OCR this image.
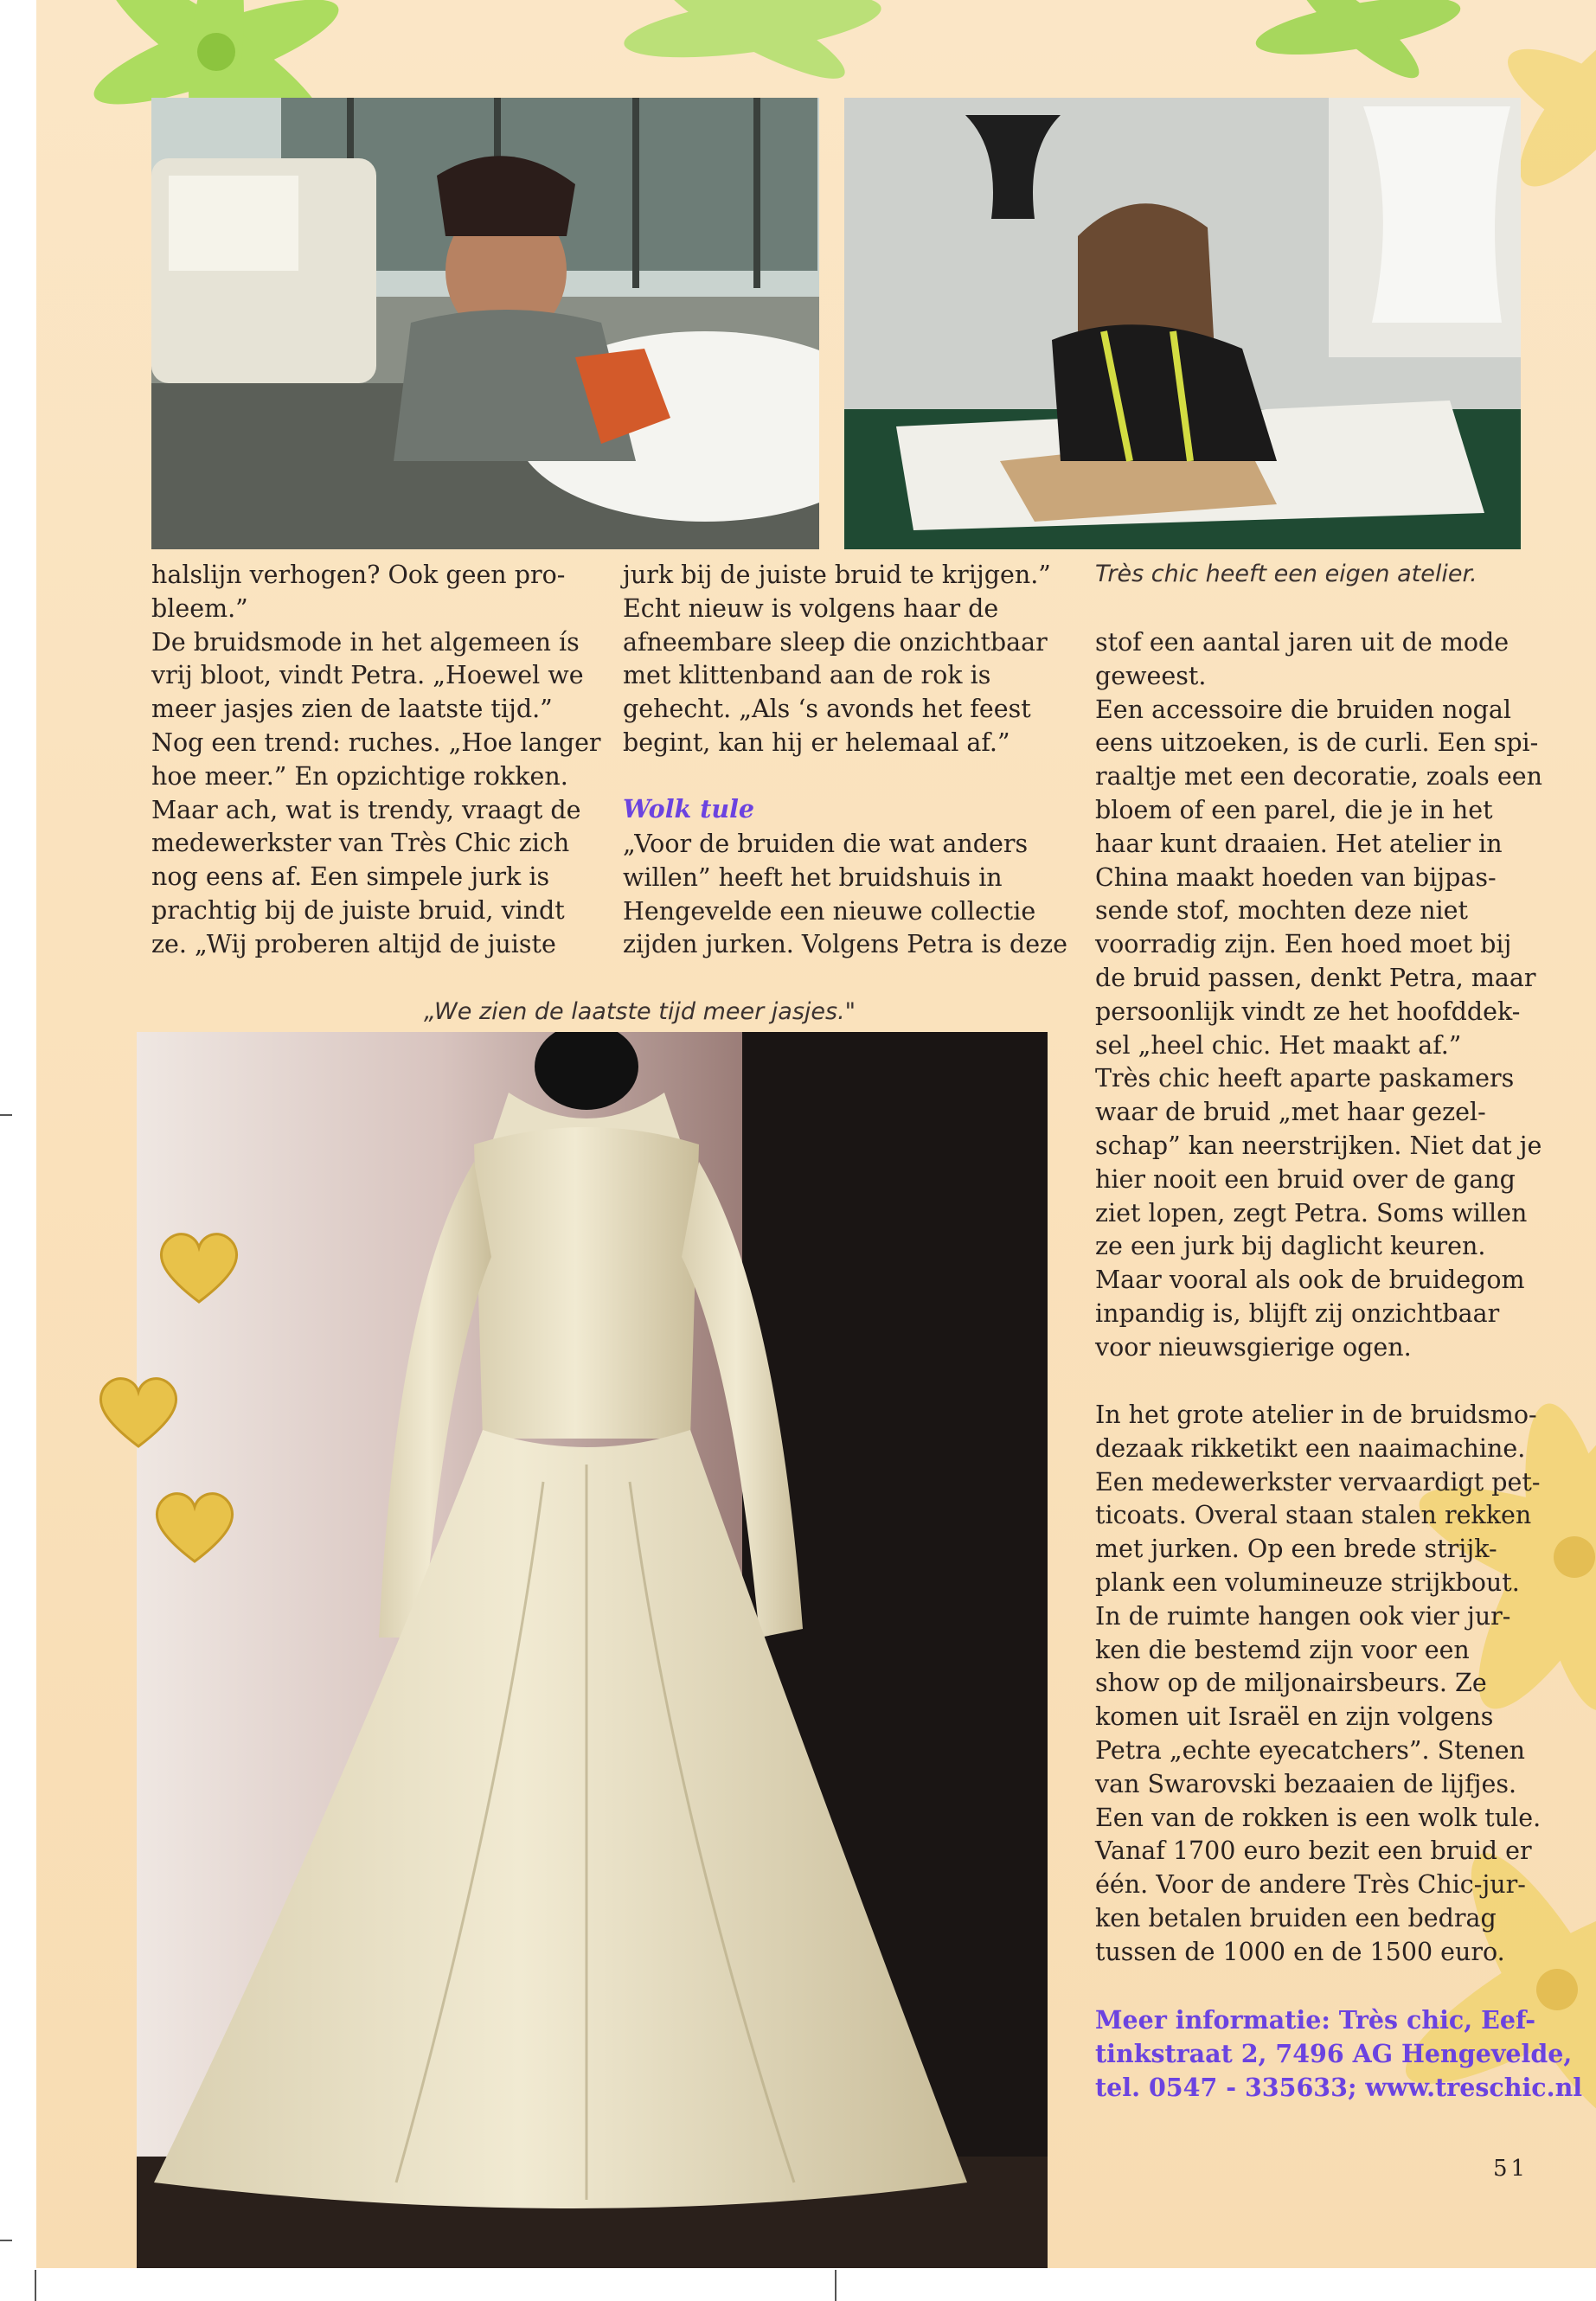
Très chic heeft een eigen atelier.
halslijn verhogen? Ook geen pro-
bleem.”
De bruidsmode in het algemeen ís
vrij bloot, vindt Petra. „Hoewel we
meer jasjes zien de laatste tijd.”
Nog een trend: ruches. „Hoe langer
hoe meer.” En opzichtige rokken.
Maar ach, wat is trendy, vraagt de
medewerkster van Très Chic zich
nog eens af. Een simpele jurk is
prachtig bij de juiste bruid, vindt
ze. „Wij proberen altijd de juiste
jurk bij de juiste bruid te krijgen.”
Echt nieuw is volgens haar de
afneembare sleep die onzichtbaar
met klittenband aan de rok is
gehecht. „Als ‘s avonds het feest
begint, kan hij er helemaal af.”
Wolk tule
„Voor de bruiden die wat anders
willen” heeft het bruidshuis in
Hengevelde een nieuwe collectie
zijden jurken. Volgens Petra is deze
„We zien de laatste tijd meer jasjes."
stof een aantal jaren uit de mode
geweest.
Een accessoire die bruiden nogal
eens uitzoeken, is de curli. Een spi-
raaltje met een decoratie, zoals een
bloem of een parel, die je in het
haar kunt draaien. Het atelier in
China maakt hoeden van bijpas-
sende stof, mochten deze niet
voorradig zijn. Een hoed moet bij
de bruid passen, denkt Petra, maar
persoonlijk vindt ze het hoofddek-
sel „heel chic. Het maakt af.”
Très chic heeft aparte paskamers
waar de bruid „met haar gezel-
schap” kan neerstrijken. Niet dat je
hier nooit een bruid over de gang
ziet lopen, zegt Petra. Soms willen
ze een jurk bij daglicht keuren.
Maar vooral als ook de bruidegom
inpandig is, blijft zij onzichtbaar
voor nieuwsgierige ogen.
In het grote atelier in de bruidsmo-
dezaak rikketikt een naaimachine.
Een medewerkster vervaardigt pet-
ticoats. Overal staan stalen rekken
met jurken. Op een brede strijk-
plank een volumineuze strijkbout.
In de ruimte hangen ook vier jur-
ken die bestemd zijn voor een
show op de miljonairsbeurs. Ze
komen uit Israël en zijn volgens
Petra „echte eyecatchers”. Stenen
van Swarovski bezaaien de lijfjes.
Een van de rokken is een wolk tule.
Vanaf 1700 euro bezit een bruid er
één. Voor de andere Très Chic-jur-
ken betalen bruiden een bedrag
tussen de 1000 en de 1500 euro.
Meer informatie: Très chic, Eef-
tinkstraat 2, 7496 AG Hengevelde,
tel. 0547 - 335633; www.treschic.nl
51
